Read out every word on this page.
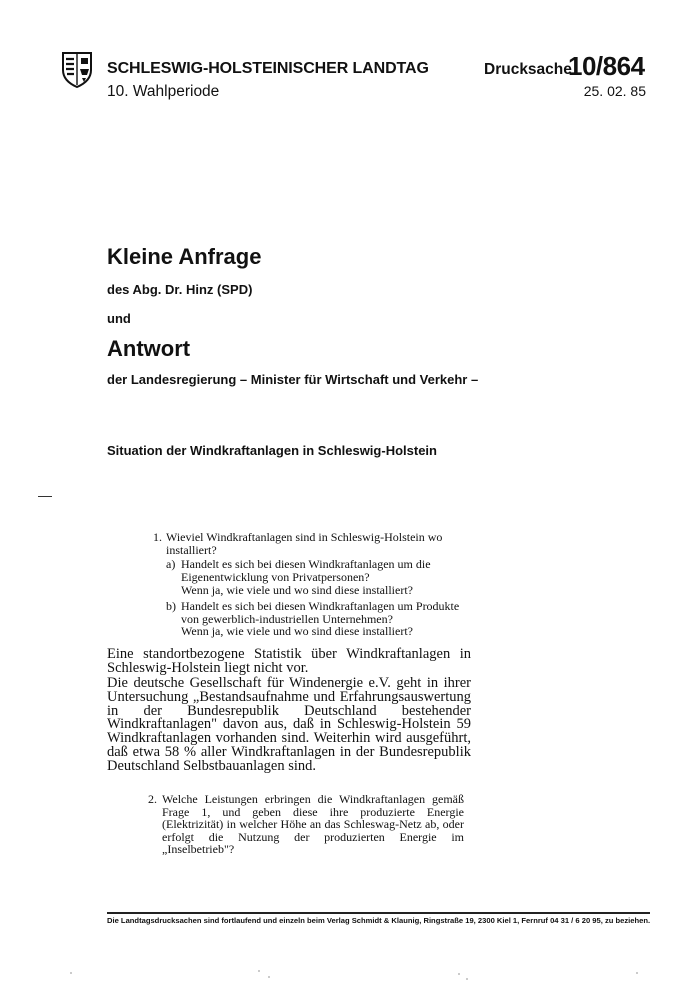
SCHLESWIG-HOLSTEINISCHER LANDTAG
10. Wahlperiode
Drucksache
10/864
25. 02. 85
Kleine Anfrage
des Abg. Dr. Hinz (SPD)
und
Antwort
der Landesregierung – Minister für Wirtschaft und Verkehr –
Situation der Windkraftanlagen in Schleswig-Holstein
1. Wieviel Windkraftanlagen sind in Schleswig-Holstein wo installiert?
a) Handelt es sich bei diesen Windkraftanlagen um die Eigenentwicklung von Privatpersonen?
Wenn ja, wie viele und wo sind diese installiert?
b) Handelt es sich bei diesen Windkraftanlagen um Produkte von gewerblich-industriellen Unternehmen?
Wenn ja, wie viele und wo sind diese installiert?

Eine standortbezogene Statistik über Windkraftanlagen in Schleswig-Holstein liegt nicht vor.

Die deutsche Gesellschaft für Windenergie e.V. geht in ihrer Untersuchung „Bestandsaufnahme und Erfahrungsauswertung in der Bundesrepublik Deutschland bestehender Windkraftanlagen" davon aus, daß in Schleswig-Holstein 59 Windkraftanlagen vorhanden sind. Weiterhin wird ausgeführt, daß etwa 58 % aller Windkraftanlagen in der Bundesrepublik Deutschland Selbstbauanlagen sind.

2. Welche Leistungen erbringen die Windkraftanlagen gemäß Frage 1, und geben diese ihre produzierte Energie (Elektrizität) in welcher Höhe an das Schleswag-Netz ab, oder erfolgt die Nutzung der produzierten Energie im „Inselbetrieb"?
Die Landtagsdrucksachen sind fortlaufend und einzeln beim Verlag Schmidt & Klaunig, Ringstraße 19, 2300 Kiel 1, Fernruf 04 31 / 6 20 95, zu beziehen.
